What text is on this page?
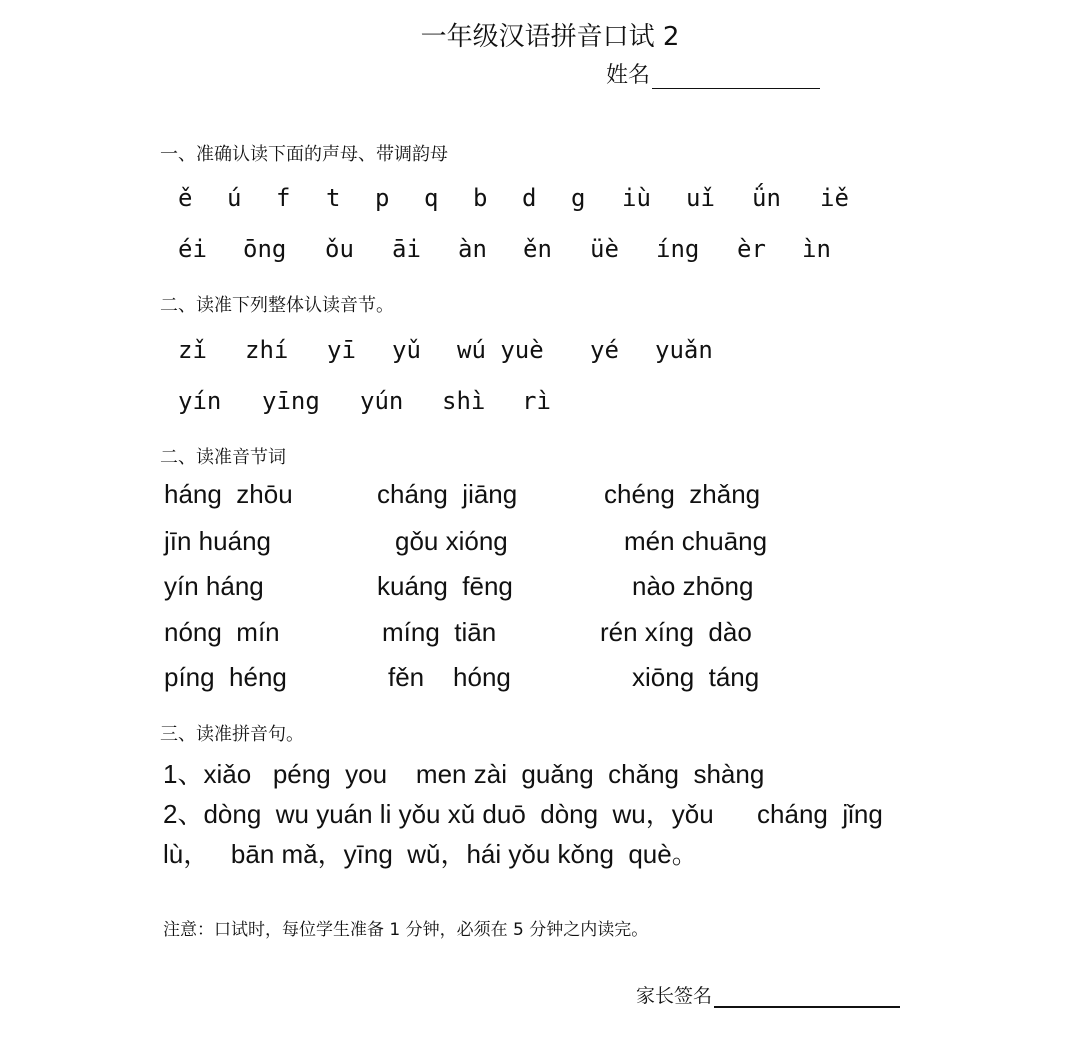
一年级汉语拼音口试 2
姓名
一、准确认读下面的声母、带调韵母
ě ú f t p q b d g iù uǐ ǘn iě
éi ōng ǒu āi àn ěn üè íng èr ìn
二、读准下列整体认读音节。
zǐ zhí yī yǔ wú yuè yé yuǎn
yín yīng yún shì rì
二、读准音节词
háng  zhōu	cháng  jiāng	chéng  zhǎng
jīn huáng	gǒu xióng	mén chuāng
yín háng	kuáng  fēng	nào zhōng
nóng  mín	míng  tiān	rén xíng  dào
píng  héng	fěn    hóng	xiōng  táng
三、读准拼音句。
1、xiǎo   péng  you    men zài  guǎng  chǎng  shàng
2、dòng  wu yuán li yǒu xǔ duō  dòng  wu，yǒu      cháng  jǐng
lù，   bān mǎ，yīng  wǔ，hái yǒu kǒng  què。
注意：口试时，每位学生准备 1 分钟，必须在 5 分钟之内读完。
家长签名
